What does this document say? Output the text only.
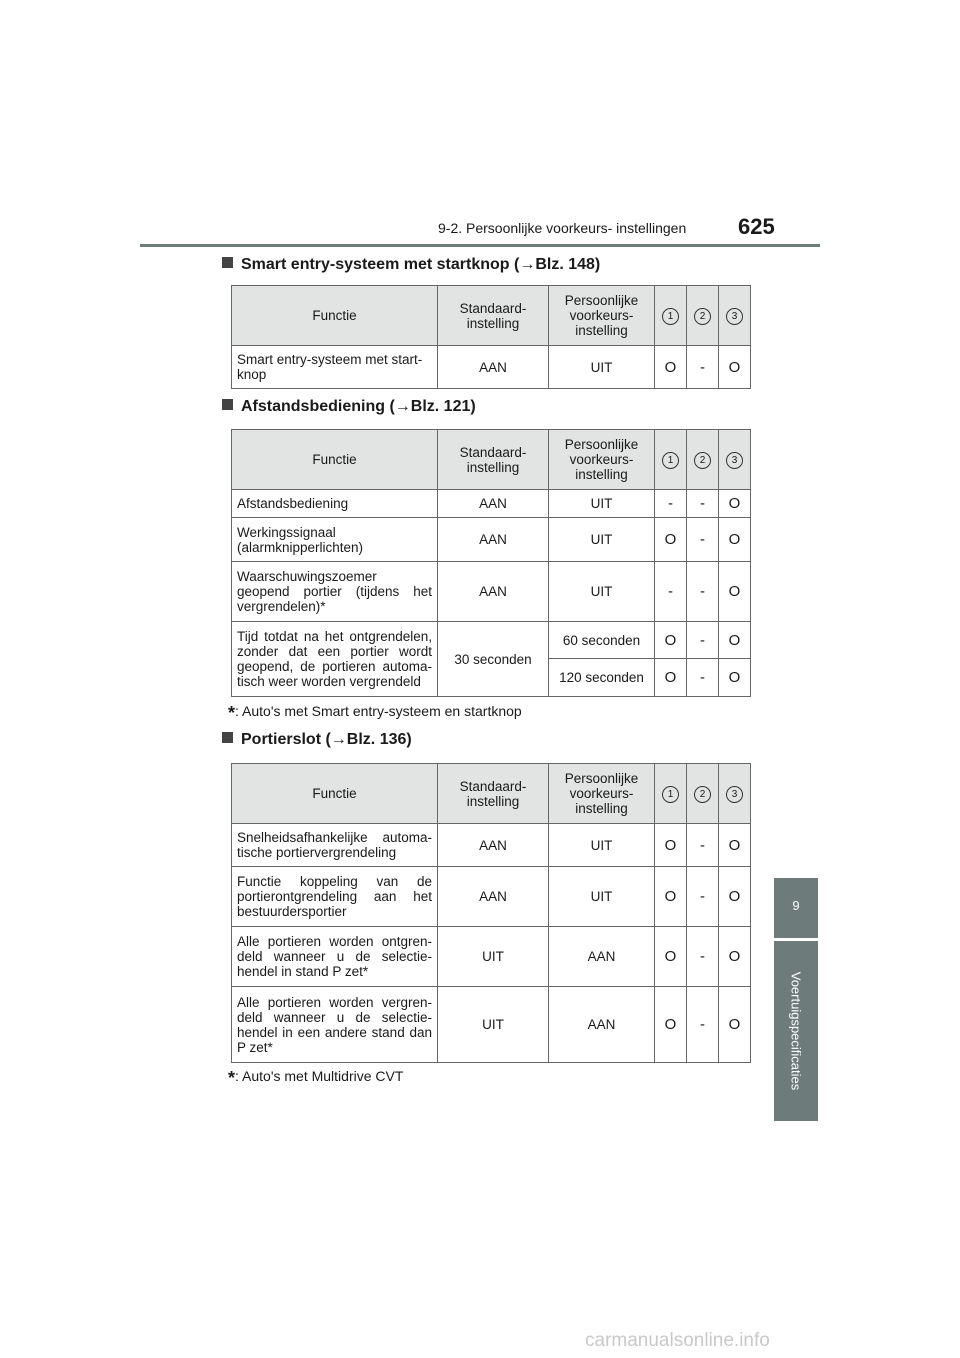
9-2. Persoonlijke voorkeurs- instellingen 625
9
Voertuigspecificaties
Smart entry-systeem met startknop (→Blz. 148)
Functie	Standaard-instelling	Persoonlijke voorkeurs-instelling	1	2	3
Smart entry-systeem met start-knop	AAN	UIT	O	-	O
Afstandsbediening (→Blz. 121)
Functie	Standaard-instelling	Persoonlijke voorkeurs-instelling	1	2	3
Afstandsbediening	AAN	UIT	-	-	O
Werkingssignaal (alarmknipperlichten)	AAN	UIT	O	-	O
Waarschuwingszoemer geopend portier (tijdens het vergrendelen)*	AAN	UIT	-	-	O
Tijd totdat na het ontgrendelen, zonder dat een portier wordt geopend, de portieren automa-tisch weer worden vergrendeld	30 seconden	60 seconden	O	-	O
		120 seconden	O	-	O
*: Auto's met Smart entry-systeem en startknop
Portierslot (→Blz. 136)
Functie	Standaard-instelling	Persoonlijke voorkeurs-instelling	1	2	3
Snelheidsafhankelijke automa-tische portiervergrendeling	AAN	UIT	O	-	O
Functie koppeling van de portierontgrendeling aan het bestuurdersportier	AAN	UIT	O	-	O
Alle portieren worden ontgren-deld wanneer u de selectie-hendel in stand P zet*	UIT	AAN	O	-	O
Alle portieren worden vergren-deld wanneer u de selectie-hendel in een andere stand dan P zet*	UIT	AAN	O	-	O
*: Auto's met Multidrive CVT
carmanualsonline.info
